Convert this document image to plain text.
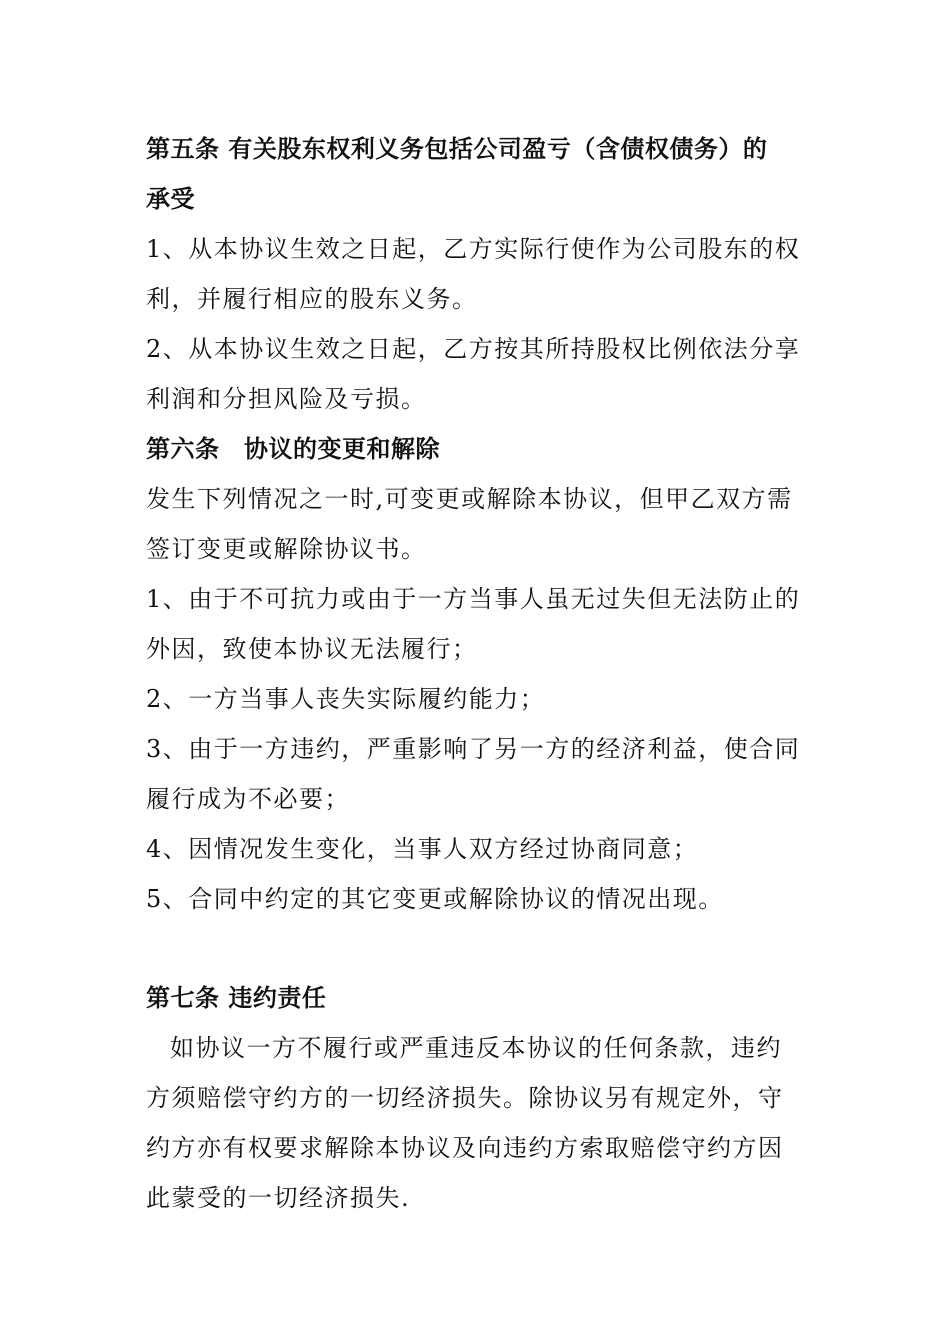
第五条 有关股东权利义务包括公司盈亏（含债权债务）的
承受
1、从本协议生效之日起，乙方实际行使作为公司股东的权
利，并履行相应的股东义务。
2、从本协议生效之日起，乙方按其所持股权比例依法分享
利润和分担风险及亏损。
第六条　协议的变更和解除
发生下列情况之一时,可变更或解除本协议，但甲乙双方需
签订变更或解除协议书。
1、由于不可抗力或由于一方当事人虽无过失但无法防止的
外因，致使本协议无法履行；
2、一方当事人丧失实际履约能力；
3、由于一方违约，严重影响了另一方的经济利益，使合同
履行成为不必要；
4、因情况发生变化，当事人双方经过协商同意；
5、合同中约定的其它变更或解除协议的情况出现。
第七条 违约责任
如协议一方不履行或严重违反本协议的任何条款，违约
方须赔偿守约方的一切经济损失。除协议另有规定外，守
约方亦有权要求解除本协议及向违约方索取赔偿守约方因
此蒙受的一切经济损失.
